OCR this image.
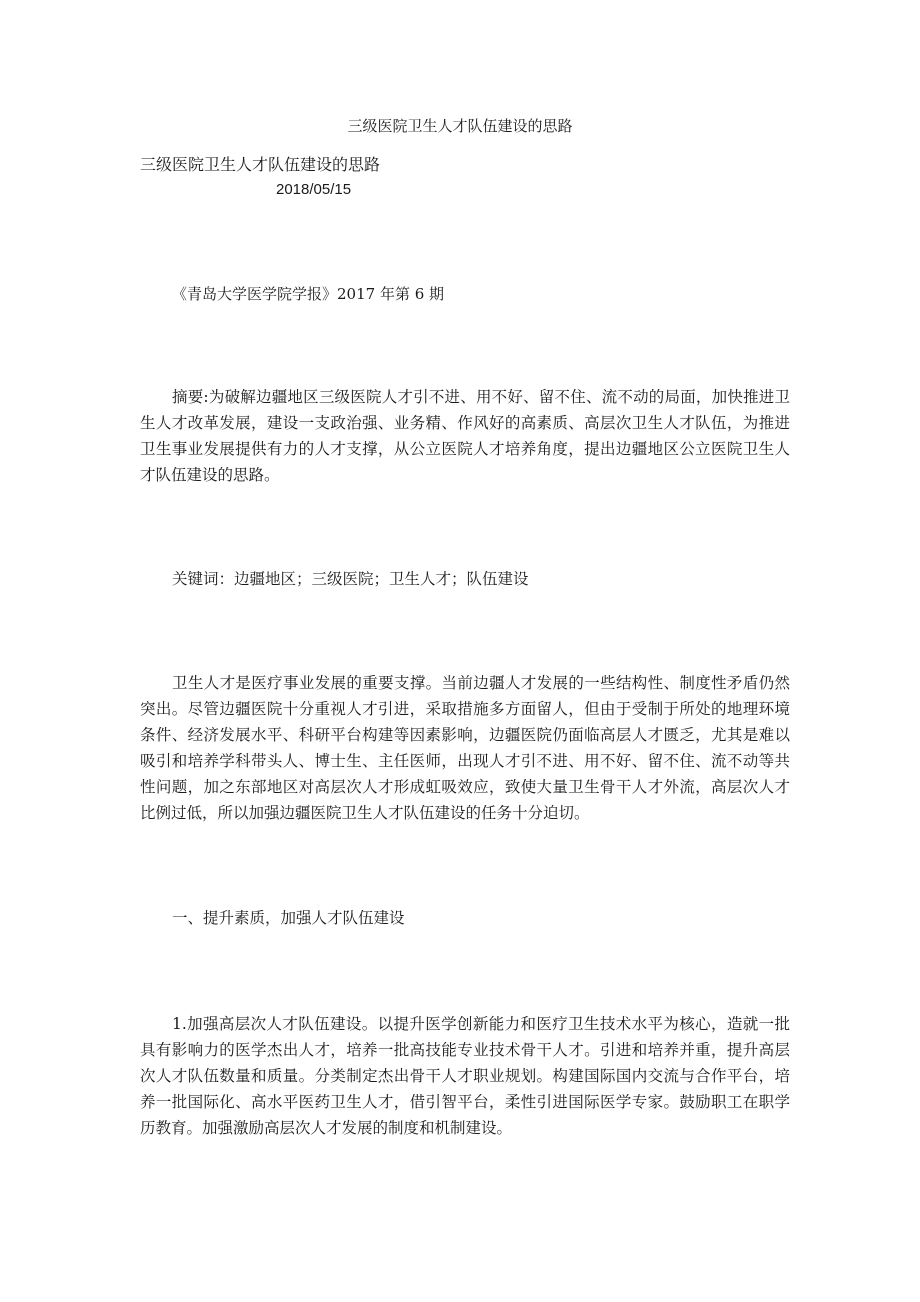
三级医院卫生人才队伍建设的思路
三级医院卫生人才队伍建设的思路
2018/05/15
《青岛大学医学院学报》2017 年第 6 期

摘要:为破解边疆地区三级医院人才引不进、用不好、留不住、流不动的局面，加快推进卫生人才改革发展，建设一支政治强、业务精、作风好的高素质、高层次卫生人才队伍，为推进卫生事业发展提供有力的人才支撑，从公立医院人才培养角度，提出边疆地区公立医院卫生人才队伍建设的思路。

关键词：边疆地区；三级医院；卫生人才；队伍建设

卫生人才是医疗事业发展的重要支撑。当前边疆人才发展的一些结构性、制度性矛盾仍然突出。尽管边疆医院十分重视人才引进，采取措施多方面留人，但由于受制于所处的地理环境条件、经济发展水平、科研平台构建等因素影响，边疆医院仍面临高层人才匮乏，尤其是难以吸引和培养学科带头人、博士生、主任医师，出现人才引不进、用不好、留不住、流不动等共性问题，加之东部地区对高层次人才形成虹吸效应，致使大量卫生骨干人才外流，高层次人才比例过低，所以加强边疆医院卫生人才队伍建设的任务十分迫切。

一、提升素质，加强人才队伍建设

1.加强高层次人才队伍建设。以提升医学创新能力和医疗卫生技术水平为核心，造就一批具有影响力的医学杰出人才，培养一批高技能专业技术骨干人才。引进和培养并重，提升高层次人才队伍数量和质量。分类制定杰出骨干人才职业规划。构建国际国内交流与合作平台，培养一批国际化、高水平医药卫生人才，借引智平台，柔性引进国际医学专家。鼓励职工在职学历教育。加强激励高层次人才发展的制度和机制建设。
